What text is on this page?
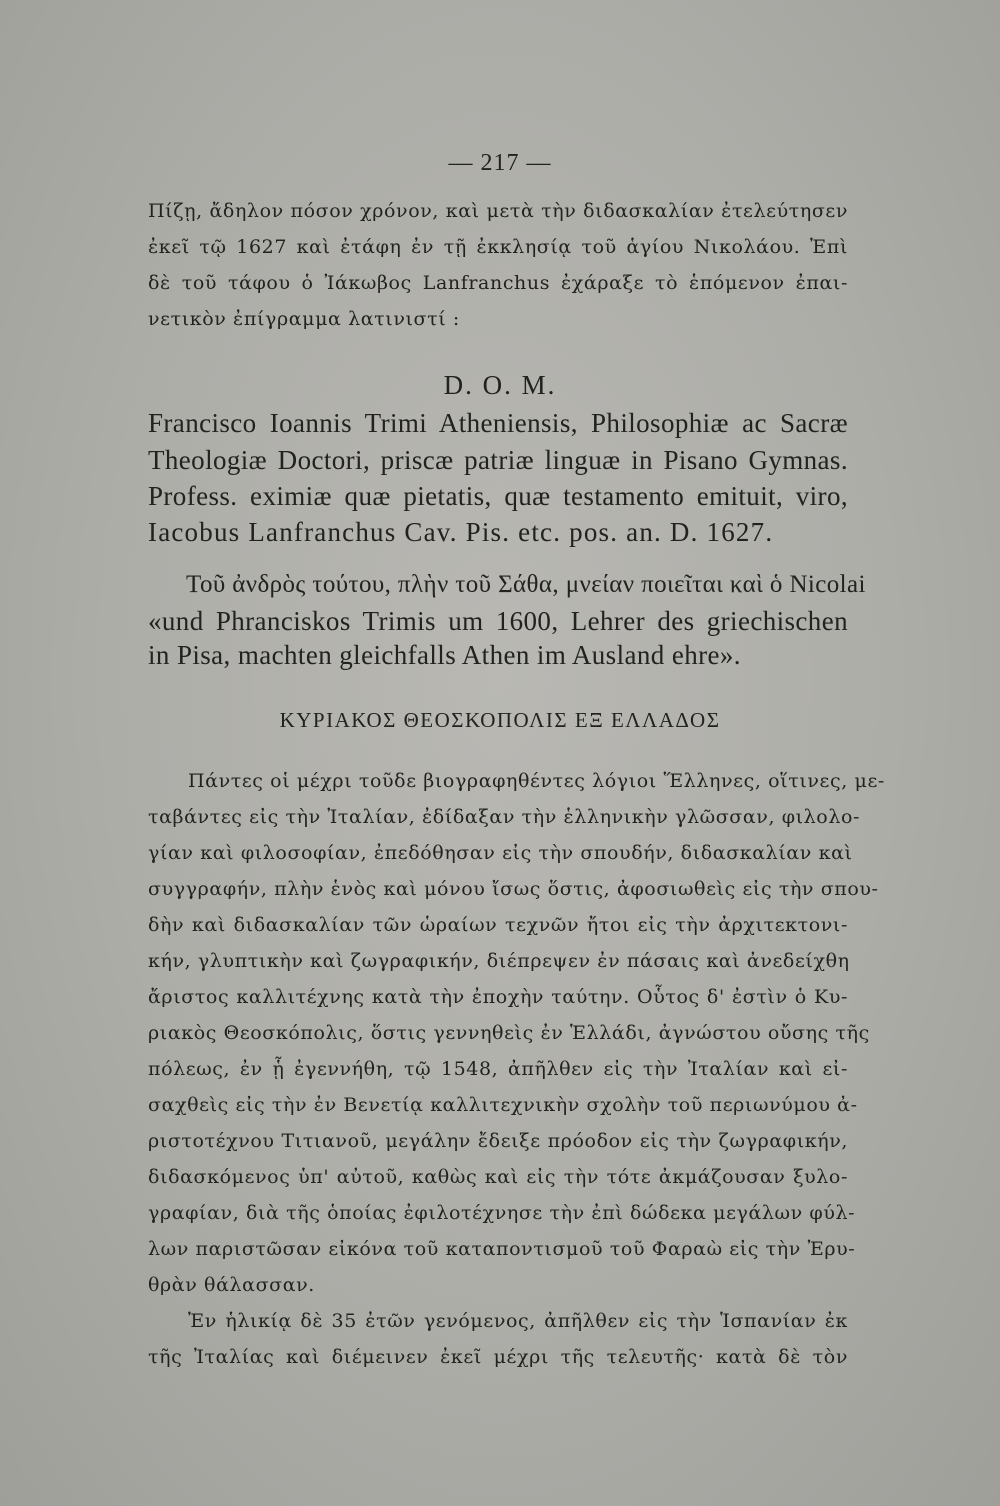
— 217 —
Πίζῃ, ἄδηλον πόσον χρόνον, καὶ μετὰ τὴν διδασκαλίαν ἐτελεύτησεν
ἐκεῖ τῷ 1627 καὶ ἐτάφη ἐν τῇ ἐκκλησίᾳ τοῦ ἁγίου Νικολάου. Ἐπὶ
δὲ τοῦ τάφου ὁ Ἰάκωβος Lanfranchus ἐχάραξε τὸ ἑπόμενον ἐπαι-
νετικὸν ἐπίγραμμα λατινιστί :
D. O. M.
Francisco Ioannis Trimi Atheniensis, Philosophiæ ac Sacræ
Theologiæ Doctori, priscæ patriæ linguæ in Pisano Gymnas.
Profess. eximiæ quæ pietatis, quæ testamento emituit, viro,
Iacobus Lanfranchus Cav. Pis. etc. pos. an. D. 1627.
Τοῦ ἀνδρὸς τούτου, πλὴν τοῦ Σάθα, μνείαν ποιεῖται καὶ ὁ Nicolai
«und Phranciskos Trimis um 1600, Lehrer des griechischen
in Pisa, machten gleichfalls Athen im Ausland ehre».
ΚΥΡΙΑΚΟΣ ΘΕΟΣΚΟΠΟΛΙΣ ΕΞ ΕΛΛΑΔΟΣ
Πάντες οἱ μέχρι τοῦδε βιογραφηθέντες λόγιοι Ἕλληνες, οἵτινες, με-
ταβάντες εἰς τὴν Ἰταλίαν, ἐδίδαξαν τὴν ἑλληνικὴν γλῶσσαν, φιλολο-
γίαν καὶ φιλοσοφίαν, ἐπεδόθησαν εἰς τὴν σπουδήν, διδασκαλίαν καὶ
συγγραφήν, πλὴν ἑνὸς καὶ μόνου ἴσως ὅστις, ἀφοσιωθεὶς εἰς τὴν σπου-
δὴν καὶ διδασκαλίαν τῶν ὡραίων τεχνῶν ἤτοι εἰς τὴν ἀρχιτεκτονι-
κήν, γλυπτικὴν καὶ ζωγραφικήν, διέπρεψεν ἐν πάσαις καὶ ἀνεδείχθη
ἄριστος καλλιτέχνης κατὰ τὴν ἐποχὴν ταύτην. Οὗτος δ' ἐστὶν ὁ Κυ-
ριακὸς Θεοσκόπολις, ὅστις γεννηθεὶς ἐν Ἑλλάδι, ἀγνώστου οὔσης τῆς
πόλεως, ἐν ᾗ ἐγεννήθη, τῷ 1548, ἀπῆλθεν εἰς τὴν Ἰταλίαν καὶ εἰ-
σαχθεὶς εἰς τὴν ἐν Βενετίᾳ καλλιτεχνικὴν σχολὴν τοῦ περιωνύμου ἀ-
ριστοτέχνου Τιτιανοῦ, μεγάλην ἔδειξε πρόοδον εἰς τὴν ζωγραφικήν,
διδασκόμενος ὑπ' αὐτοῦ, καθὼς καὶ εἰς τὴν τότε ἀκμάζουσαν ξυλο-
γραφίαν, διὰ τῆς ὁποίας ἐφιλοτέχνησε τὴν ἐπὶ δώδεκα μεγάλων φύλ-
λων παριστῶσαν εἰκόνα τοῦ καταποντισμοῦ τοῦ Φαραὼ εἰς τὴν Ἐρυ-
θρὰν θάλασσαν.
Ἐν ἡλικίᾳ δὲ 35 ἐτῶν γενόμενος, ἀπῆλθεν εἰς τὴν Ἱσπανίαν ἐκ
τῆς Ἰταλίας καὶ διέμεινεν ἐκεῖ μέχρι τῆς τελευτῆς· κατὰ δὲ τὸν
